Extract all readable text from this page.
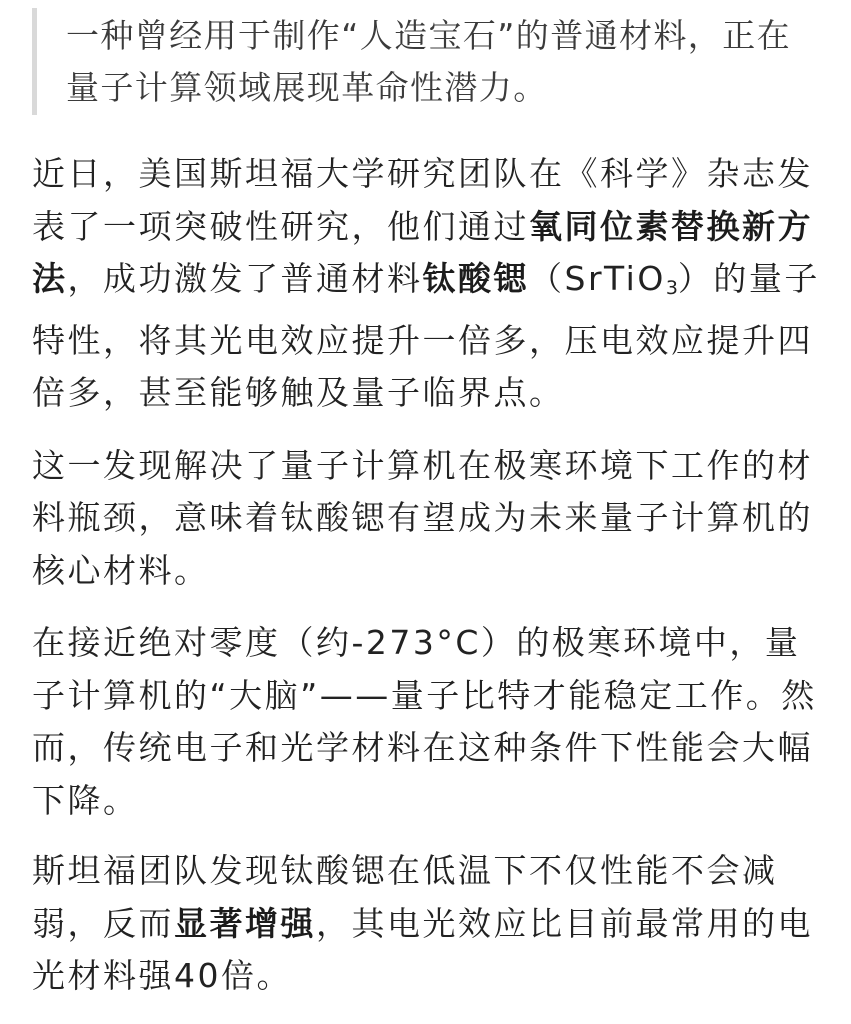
一种曾经用于制作“人造宝石”的普通材料，正在量子计算领域展现革命性潜力。

近日，美国斯坦福大学研究团队在《科学》杂志发表了一项突破性研究，他们通过氧同位素替换新方法，成功激发了普通材料钛酸锶（SrTiO$_3$）的量子特性，将其光电效应提升一倍多，压电效应提升四倍多，甚至能够触及量子临界点。

这一发现解决了量子计算机在极寒环境下工作的材料瓶颈，意味着钛酸锶有望成为未来量子计算机的核心材料。

在接近绝对零度（约-273°C）的极寒环境中，量子计算机的“大脑”——量子比特才能稳定工作。然而，传统电子和光学材料在这种条件下性能会大幅下降。

斯坦福团队发现钛酸锶在低温下不仅性能不会减弱，反而显著增强，其电光效应比目前最常用的电光材料强40倍。
